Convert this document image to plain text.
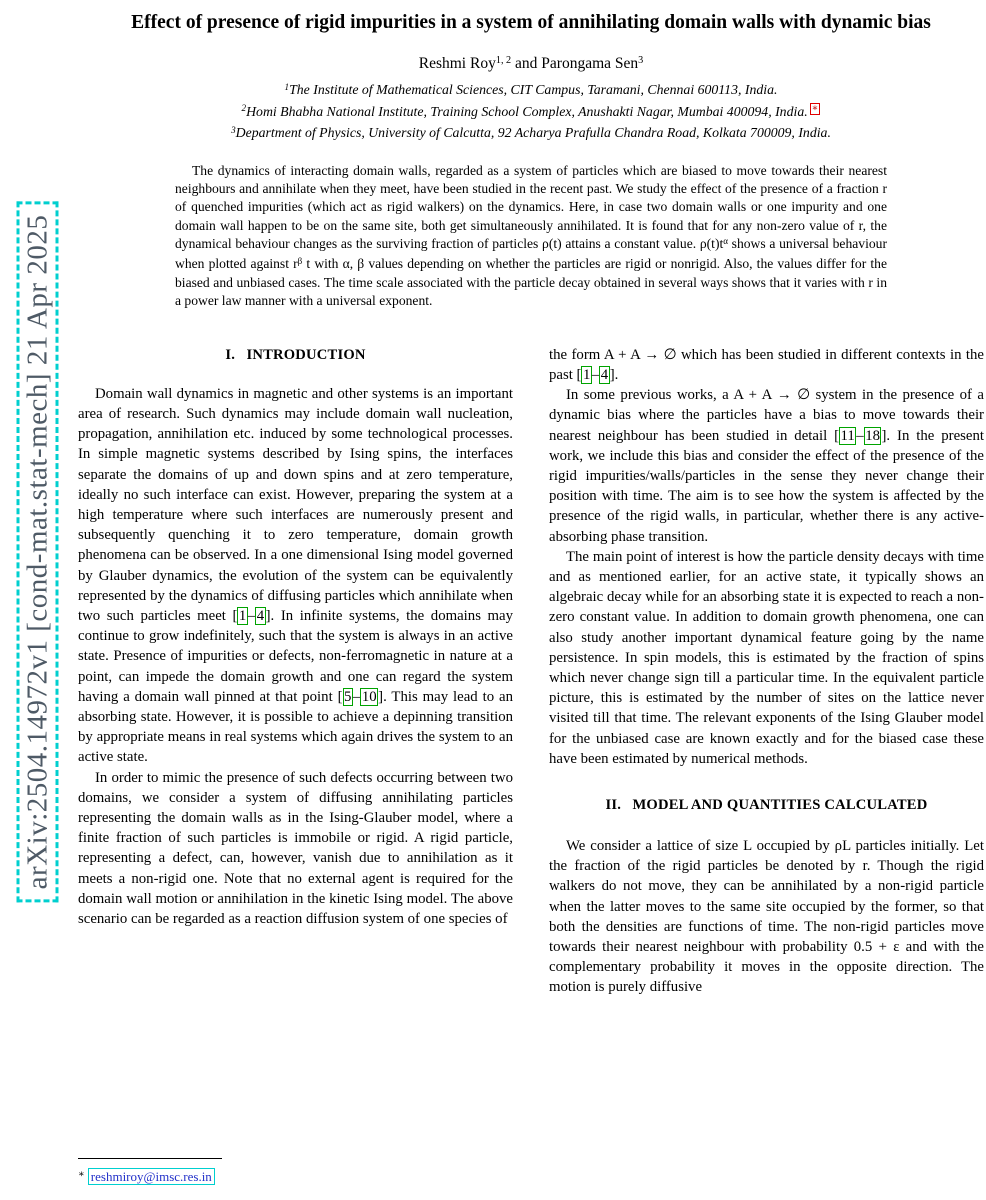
arXiv:2504.14972v1 [cond-mat.stat-mech] 21 Apr 2025
Effect of presence of rigid impurities in a system of annihilating domain walls with dynamic bias
Reshmi Roy$^{1, 2}$ and Parongama Sen$^3$
$^1$The Institute of Mathematical Sciences, CIT Campus, Taramani, Chennai 600113, India.
$^2$Homi Bhabha National Institute, Training School Complex, Anushakti Nagar, Mumbai 400094, India. ∗
$^3$Department of Physics, University of Calcutta, 92 Acharya Prafulla Chandra Road, Kolkata 700009, India.
The dynamics of interacting domain walls, regarded as a system of particles which are biased to move towards their nearest neighbours and annihilate when they meet, have been studied in the recent past. We study the effect of the presence of a fraction r of quenched impurities (which act as rigid walkers) on the dynamics. Here, in case two domain walls or one impurity and one domain wall happen to be on the same site, both get simultaneously annihilated. It is found that for any non-zero value of r, the dynamical behaviour changes as the surviving fraction of particles ρ(t) attains a constant value. $\rho(t)t^\alpha$ shows a universal behaviour when plotted against $r^\beta$ t with α, β values depending on whether the particles are rigid or nonrigid. Also, the values differ for the biased and unbiased cases. The time scale associated with the particle decay obtained in several ways shows that it varies with r in a power law manner with a universal exponent.
I.  INTRODUCTION

Domain wall dynamics in magnetic and other systems is an important area of research. Such dynamics may include domain wall nucleation, propagation, annihilation etc. induced by some technological processes. In simple magnetic systems described by Ising spins, the interfaces separate the domains of up and down spins and at zero temperature, ideally no such interface can exist. However, preparing the system at a high temperature where such interfaces are numerously present and subsequently quenching it to zero temperature, domain growth phenomena can be observed. In a one dimensional Ising model governed by Glauber dynamics, the evolution of the system can be equivalently represented by the dynamics of diffusing particles which annihilate when two such particles meet [ 1 – 4 ]. In infinite systems, the domains may continue to grow indefinitely, such that the system is always in an active state. Presence of impurities or defects, non-ferromagnetic in nature at a point, can impede the domain growth and one can regard the system having a domain wall pinned at that point [ 5 – 10 ]. This may lead to an absorbing state. However, it is possible to achieve a depinning transition by appropriate means in real systems which again drives the system to an active state.

In order to mimic the presence of such defects occurring between two domains, we consider a system of diffusing annihilating particles representing the domain walls as in the Ising-Glauber model, where a finite fraction of such particles is immobile or rigid. A rigid particle, representing a defect, can, however, vanish due to annihilation as it meets a non-rigid one. Note that no external agent is required for the domain wall motion or annihilation in the kinetic Ising model. The above scenario can be regarded as a reaction diffusion system of one species of

the form A + A → ∅ which has been studied in different contexts in the past [ 1 – 4 ].

In some previous works, a A + A → ∅ system in the presence of a dynamic bias where the particles have a bias to move towards their nearest neighbour has been studied in detail [ 11 – 18 ]. In the present work, we include this bias and consider the effect of the presence of the rigid impurities/walls/particles in the sense they never change their position with time. The aim is to see how the system is affected by the presence of the rigid walls, in particular, whether there is any active-absorbing phase transition.

The main point of interest is how the particle density decays with time and as mentioned earlier, for an active state, it typically shows an algebraic decay while for an absorbing state it is expected to reach a non-zero constant value. In addition to domain growth phenomena, one can also study another important dynamical feature going by the name persistence. In spin models, this is estimated by the fraction of spins which never change sign till a particular time. In the equivalent particle picture, this is estimated by the number of sites on the lattice never visited till that time. The relevant exponents of the Ising Glauber model for the unbiased case are known exactly and for the biased case these have been estimated by numerical methods.

II.  MODEL AND QUANTITIES CALCULATED

We consider a lattice of size L occupied by ρL particles initially. Let the fraction of the rigid particles be denoted by r. Though the rigid walkers do not move, they can be annihilated by a non-rigid particle when the latter moves to the same site occupied by the former, so that both the densities are functions of time. The non-rigid particles move towards their nearest neighbour with probability 0.5 + ε and with the complementary probability it moves in the opposite direction. The motion is purely diffusive

∗ reshmiroy@imsc.res.in
